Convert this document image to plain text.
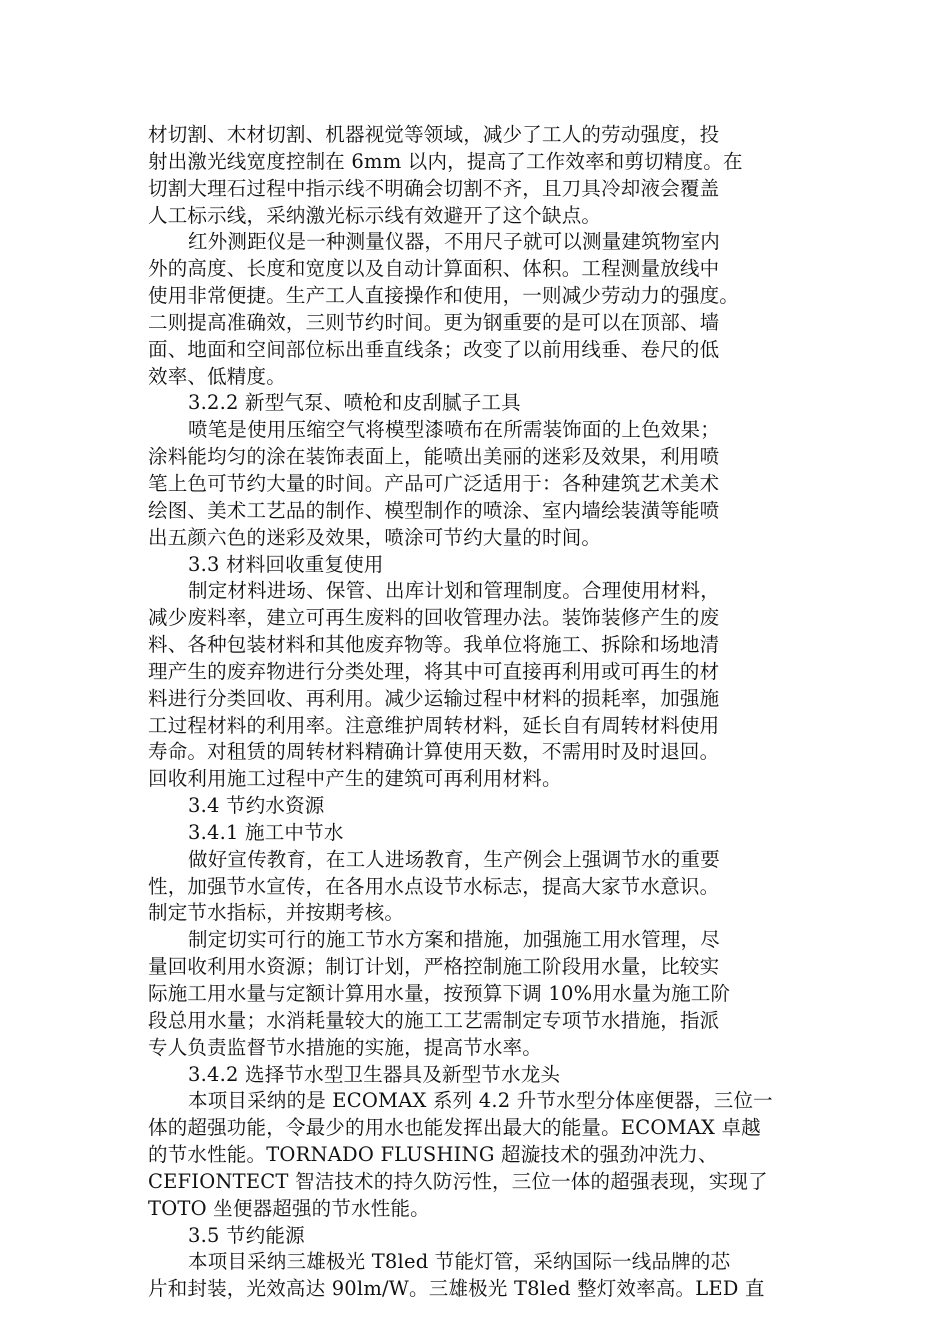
材切割、木材切割、机器视觉等领域，减少了工人的劳动强度，投
射出激光线宽度控制在 6mm 以内，提高了工作效率和剪切精度。在
切割大理石过程中指示线不明确会切割不齐，且刀具冷却液会覆盖
人工标示线，采纳激光标示线有效避开了这个缺点。
红外测距仪是一种测量仪器，不用尺子就可以测量建筑物室内
外的高度、长度和宽度以及自动计算面积、体积。工程测量放线中
使用非常便捷。生产工人直接操作和使用，一则减少劳动力的强度。
二则提高准确效，三则节约时间。更为钢重要的是可以在顶部、墙
面、地面和空间部位标出垂直线条；改变了以前用线垂、卷尺的低
效率、低精度。
3.2.2 新型气泵、喷枪和皮刮腻子工具
喷笔是使用压缩空气将模型漆喷布在所需装饰面的上色效果；
涂料能均匀的涂在装饰表面上，能喷出美丽的迷彩及效果，利用喷
笔上色可节约大量的时间。产品可广泛适用于：各种建筑艺术美术
绘图、美术工艺品的制作、模型制作的喷涂、室内墙绘装潢等能喷
出五颜六色的迷彩及效果，喷涂可节约大量的时间。
3.3 材料回收重复使用
制定材料进场、保管、出库计划和管理制度。合理使用材料，
减少废料率，建立可再生废料的回收管理办法。装饰装修产生的废
料、各种包装材料和其他废弃物等。我单位将施工、拆除和场地清
理产生的废弃物进行分类处理，将其中可直接再利用或可再生的材
料进行分类回收、再利用。减少运输过程中材料的损耗率，加强施
工过程材料的利用率。注意维护周转材料，延长自有周转材料使用
寿命。对租赁的周转材料精确计算使用天数，不需用时及时退回。
回收利用施工过程中产生的建筑可再利用材料。
3.4 节约水资源
3.4.1 施工中节水
做好宣传教育，在工人进场教育，生产例会上强调节水的重要
性，加强节水宣传，在各用水点设节水标志，提高大家节水意识。
制定节水指标，并按期考核。
制定切实可行的施工节水方案和措施，加强施工用水管理，尽
量回收利用水资源；制订计划，严格控制施工阶段用水量，比较实
际施工用水量与定额计算用水量，按预算下调 10%用水量为施工阶
段总用水量；水消耗量较大的施工工艺需制定专项节水措施，指派
专人负责监督节水措施的实施，提高节水率。
3.4.2 选择节水型卫生器具及新型节水龙头
本项目采纳的是 ECOMAX 系列 4.2 升节水型分体座便器，三位一
体的超强功能，令最少的用水也能发挥出最大的能量。ECOMAX 卓越
的节水性能。TORNADO FLUSHING 超漩技术的强劲冲洗力、
CEFIONTECT 智洁技术的持久防污性，三位一体的超强表现，实现了
TOTO 坐便器超强的节水性能。
3.5 节约能源
本项目采纳三雄极光 T8led 节能灯管，采纳国际一线品牌的芯
片和封装，光效高达 90lm/W。三雄极光 T8led 整灯效率高。LED 直
